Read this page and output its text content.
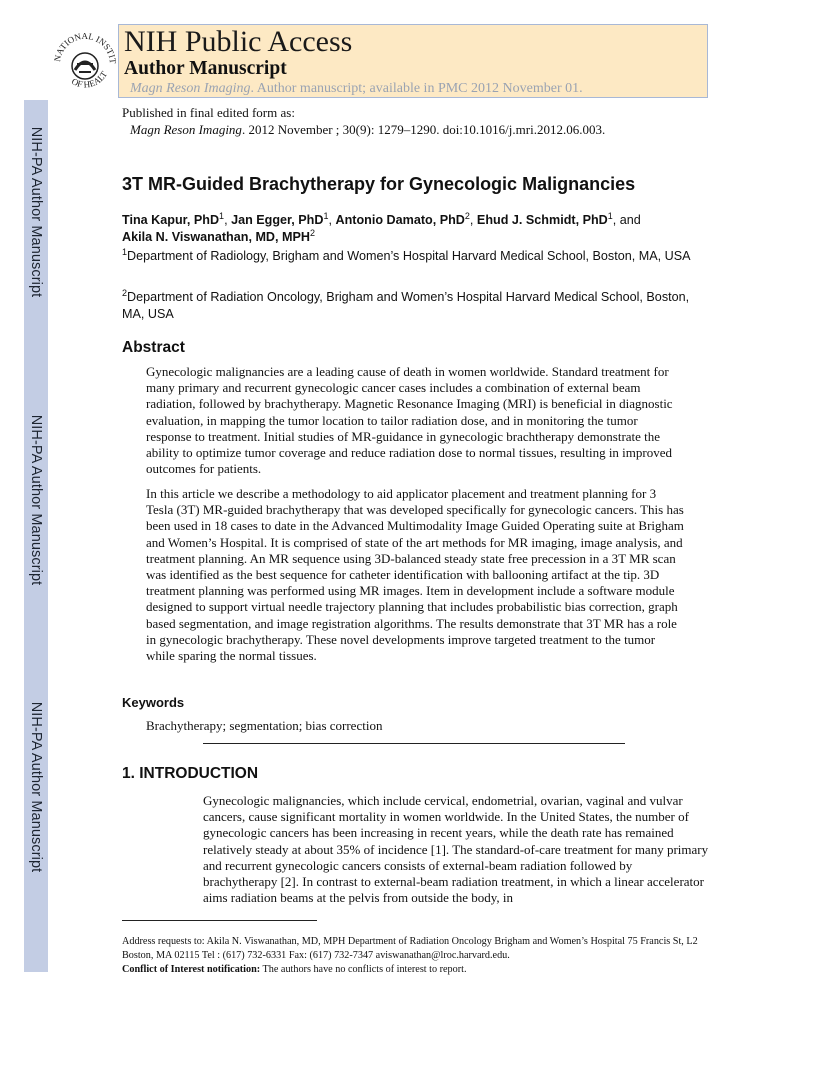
NIH-PA Author Manuscript
NIH-PA Author Manuscript
NIH-PA Author Manuscript
NATIONAL INSTIT
OF HEALT
NIH Public Access
Author Manuscript
Magn Reson Imaging. Author manuscript; available in PMC 2012 November 01.
Published in final edited form as:
Magn Reson Imaging. 2012 November ; 30(9): 1279–1290. doi:10.1016/j.mri.2012.06.003.
3T MR-Guided Brachytherapy for Gynecologic Malignancies
Tina Kapur, PhD$^1$, Jan Egger, PhD$^1$, Antonio Damato, PhD$^2$, Ehud J. Schmidt, PhD$^1$, and
Akila N. Viswanathan, MD, MPH$^2$
$^1$Department of Radiology, Brigham and Women’s Hospital Harvard Medical School, Boston, MA, USA
$^2$Department of Radiation Oncology, Brigham and Women’s Hospital Harvard Medical School, Boston, MA, USA
Abstract

Gynecologic malignancies are a leading cause of death in women worldwide. Standard treatment for many primary and recurrent gynecologic cancer cases includes a combination of external beam radiation, followed by brachytherapy. Magnetic Resonance Imaging (MRI) is beneficial in diagnostic evaluation, in mapping the tumor location to tailor radiation dose, and in monitoring the tumor response to treatment. Initial studies of MR-guidance in gynecologic brachtherapy demonstrate the ability to optimize tumor coverage and reduce radiation dose to normal tissues, resulting in improved outcomes for patients.

In this article we describe a methodology to aid applicator placement and treatment planning for 3 Tesla (3T) MR-guided brachytherapy that was developed specifically for gynecologic cancers. This has been used in 18 cases to date in the Advanced Multimodality Image Guided Operating suite at Brigham and Women’s Hospital. It is comprised of state of the art methods for MR imaging, image analysis, and treatment planning. An MR sequence using 3D-balanced steady state free precession in a 3T MR scan was identified as the best sequence for catheter identification with ballooning artifact at the tip. 3D treatment planning was performed using MR images. Item in development include a software module designed to support virtual needle trajectory planning that includes probabilistic bias correction, graph based segmentation, and image registration algorithms. The results demonstrate that 3T MR has a role in gynecologic brachytherapy. These novel developments improve targeted treatment to the tumor while sparing the normal tissues.

Keywords
Brachytherapy; segmentation; bias correction
1. INTRODUCTION

Gynecologic malignancies, which include cervical, endometrial, ovarian, vaginal and vulvar cancers, cause significant mortality in women worldwide. In the United States, the number of gynecologic cancers has been increasing in recent years, while the death rate has remained relatively steady at about 35% of incidence [1]. The standard-of-care treatment for many primary and recurrent gynecologic cancers consists of external-beam radiation followed by brachytherapy [2]. In contrast to external-beam radiation treatment, in which a linear accelerator aims radiation beams at the pelvis from outside the body, in

Address requests to: Akila N. Viswanathan, MD, MPH Department of Radiation Oncology Brigham and Women’s Hospital 75 Francis St, L2 Boston, MA 02115 Tel : (617) 732-6331 Fax: (617) 732-7347 aviswanathan@lroc.harvard.edu.

Conflict of Interest notification: The authors have no conflicts of interest to report.
